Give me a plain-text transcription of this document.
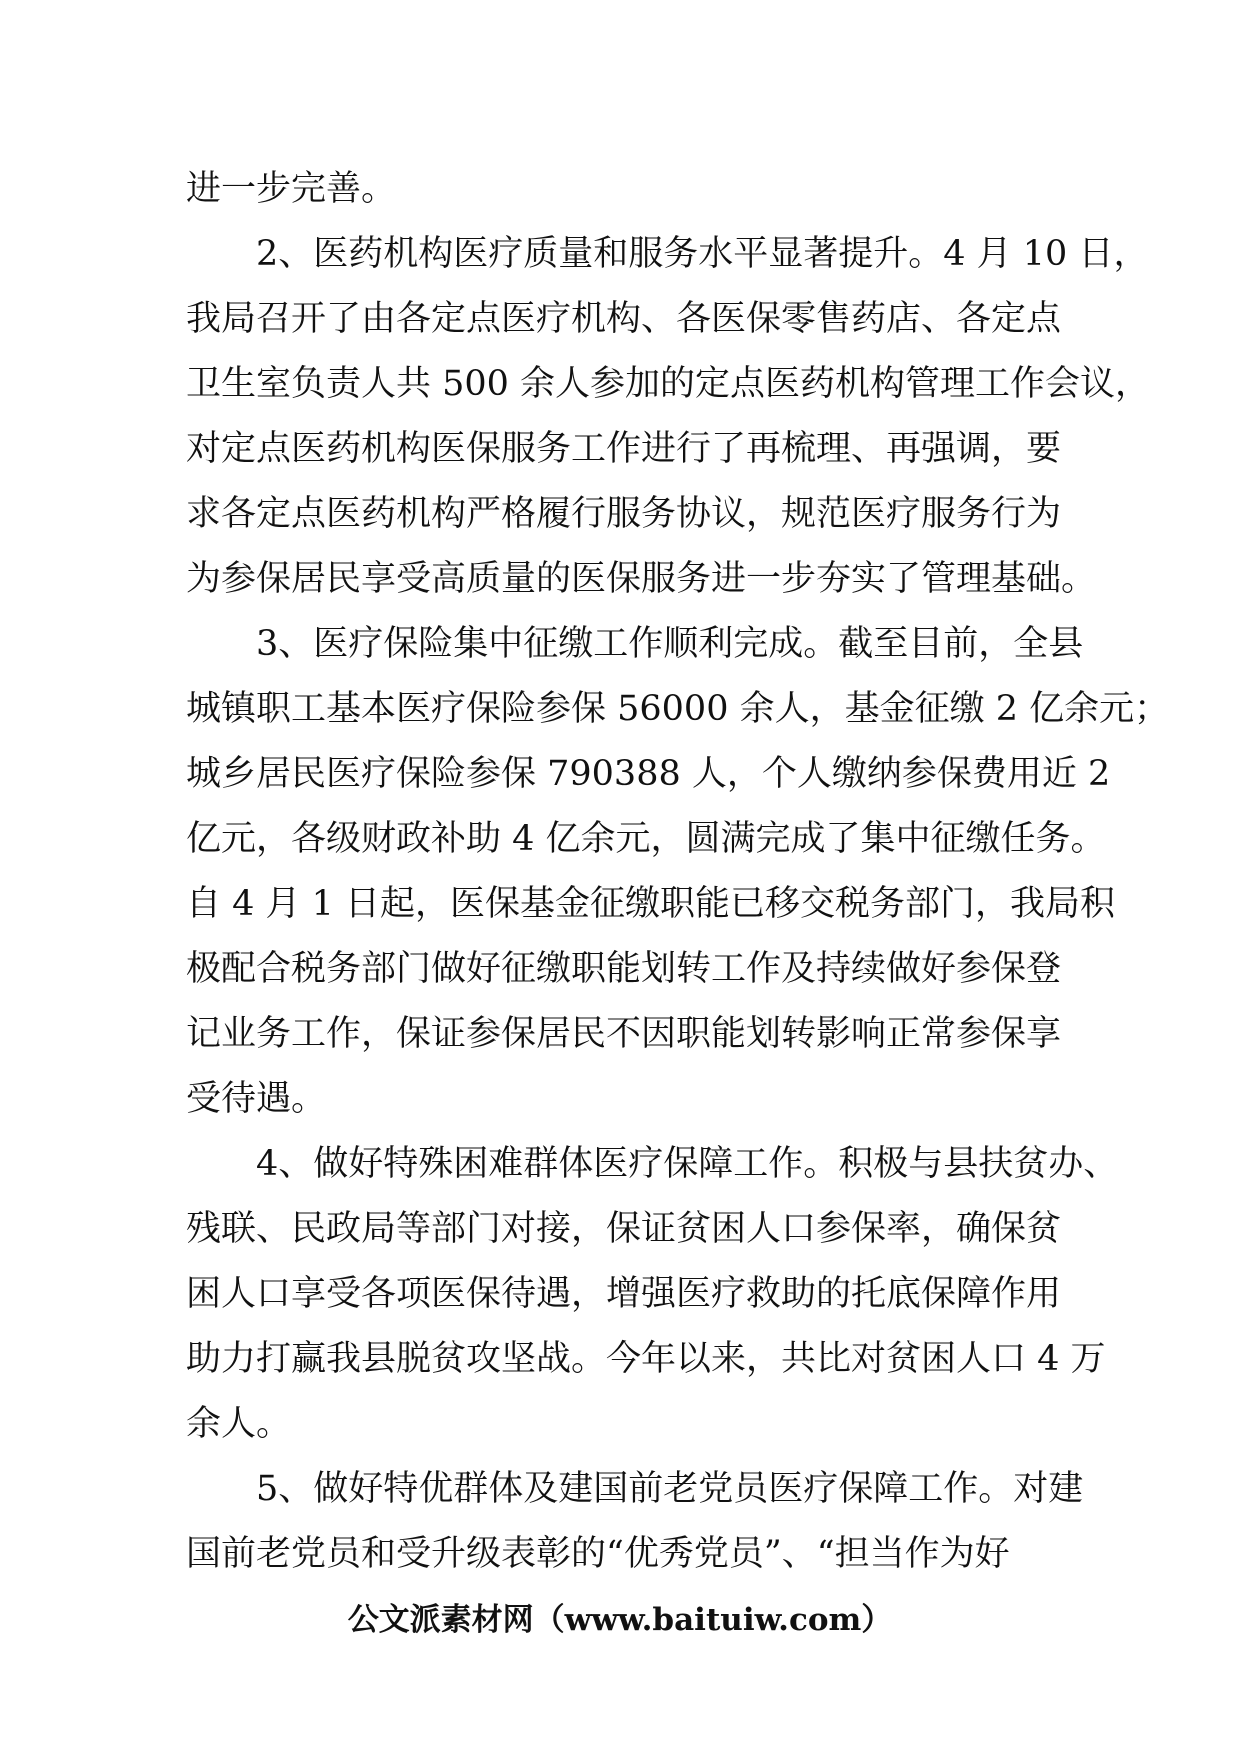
进一步完善。
　　2、医药机构医疗质量和服务水平显著提升。4 月 10 日，
我局召开了由各定点医疗机构、各医保零售药店、各定点
卫生室负责人共 500 余人参加的定点医药机构管理工作会议，
对定点医药机构医保服务工作进行了再梳理、再强调，要
求各定点医药机构严格履行服务协议，规范医疗服务行为
为参保居民享受高质量的医保服务进一步夯实了管理基础。
　　3、医疗保险集中征缴工作顺利完成。截至目前，全县
城镇职工基本医疗保险参保 56000 余人，基金征缴 2 亿余元；
城乡居民医疗保险参保 790388 人，个人缴纳参保费用近 2
亿元，各级财政补助 4 亿余元，圆满完成了集中征缴任务。
自 4 月 1 日起，医保基金征缴职能已移交税务部门，我局积
极配合税务部门做好征缴职能划转工作及持续做好参保登
记业务工作，保证参保居民不因职能划转影响正常参保享
受待遇。
　　4、做好特殊困难群体医疗保障工作。积极与县扶贫办、
残联、民政局等部门对接，保证贫困人口参保率，确保贫
困人口享受各项医保待遇，增强医疗救助的托底保障作用
助力打赢我县脱贫攻坚战。今年以来，共比对贫困人口 4 万
余人。
　　5、做好特优群体及建国前老党员医疗保障工作。对建
国前老党员和受升级表彰的“优秀党员”、“担当作为好
公文派素材网（www.baituiw.com）
